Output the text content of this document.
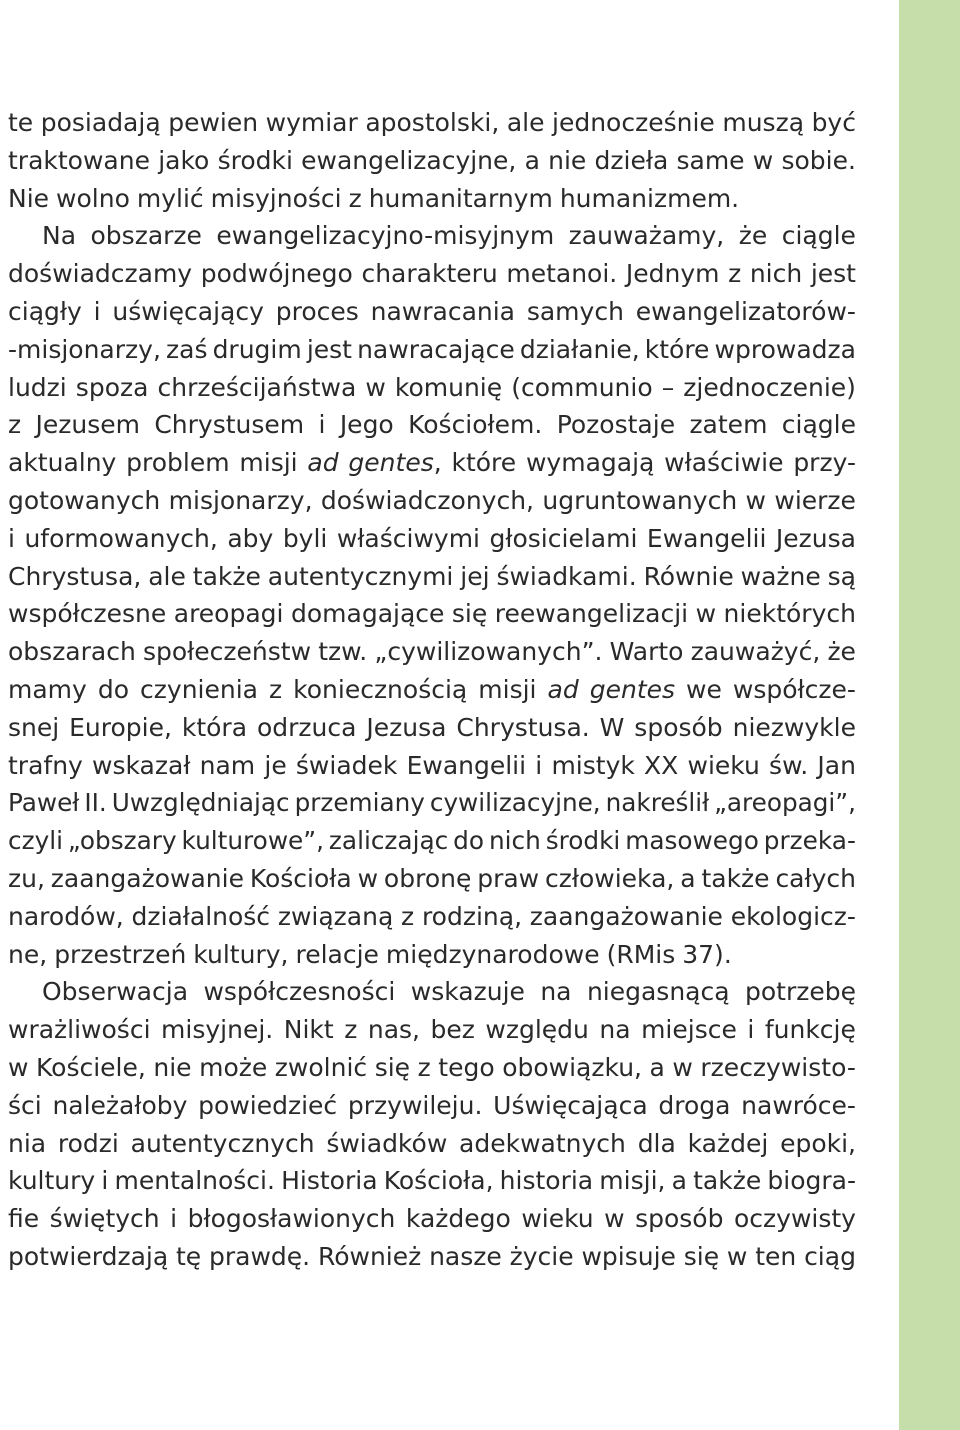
te posiadają pewien wymiar apostolski, ale jednocześnie muszą być
traktowane jako środki ewangelizacyjne, a nie dzieła same w sobie.
Nie wolno mylić misyjności z humanitarnym humanizmem.
Na obszarze ewangelizacyjno-misyjnym zauważamy, że ciągle
doświadczamy podwójnego charakteru metanoi. Jednym z nich jest
ciągły i uświęcający proces nawracania samych ewangelizatorów-
-misjonarzy, zaś drugim jest nawracające działanie, które wprowadza
ludzi spoza chrześcijaństwa w komunię (communio – zjednoczenie)
z Jezusem Chrystusem i Jego Kościołem. Pozostaje zatem ciągle
aktualny problem misji ad gentes, które wymagają właściwie przy-
gotowanych misjonarzy, doświadczonych, ugruntowanych w wierze
i uformowanych, aby byli właściwymi głosicielami Ewangelii Jezusa
Chrystusa, ale także autentycznymi jej świadkami. Równie ważne są
współczesne areopagi domagające się reewangelizacji w niektórych
obszarach społeczeństw tzw. „cywilizowanych”. Warto zauważyć, że
mamy do czynienia z koniecznością misji ad gentes we współcze-
snej Europie, która odrzuca Jezusa Chrystusa. W sposób niezwykle
trafny wskazał nam je świadek Ewangelii i mistyk XX wieku św. Jan
Paweł II. Uwzględniając przemiany cywilizacyjne, nakreślił „areopagi”,
czyli „obszary kulturowe”, zaliczając do nich środki masowego przeka-
zu, zaangażowanie Kościoła w obronę praw człowieka, a także całych
narodów, działalność związaną z rodziną, zaangażowanie ekologicz-
ne, przestrzeń kultury, relacje międzynarodowe (RMis 37).
Obserwacja współczesności wskazuje na niegasnącą potrzebę
wrażliwości misyjnej. Nikt z nas, bez względu na miejsce i funkcję
w Kościele, nie może zwolnić się z tego obowiązku, a w rzeczywisto-
ści należałoby powiedzieć przywileju. Uświęcająca droga nawróce-
nia rodzi autentycznych świadków adekwatnych dla każdej epoki,
kultury i mentalności. Historia Kościoła, historia misji, a także biogra-
fie świętych i błogosławionych każdego wieku w sposób oczywisty
potwierdzają tę prawdę. Również nasze życie wpisuje się w ten ciąg
